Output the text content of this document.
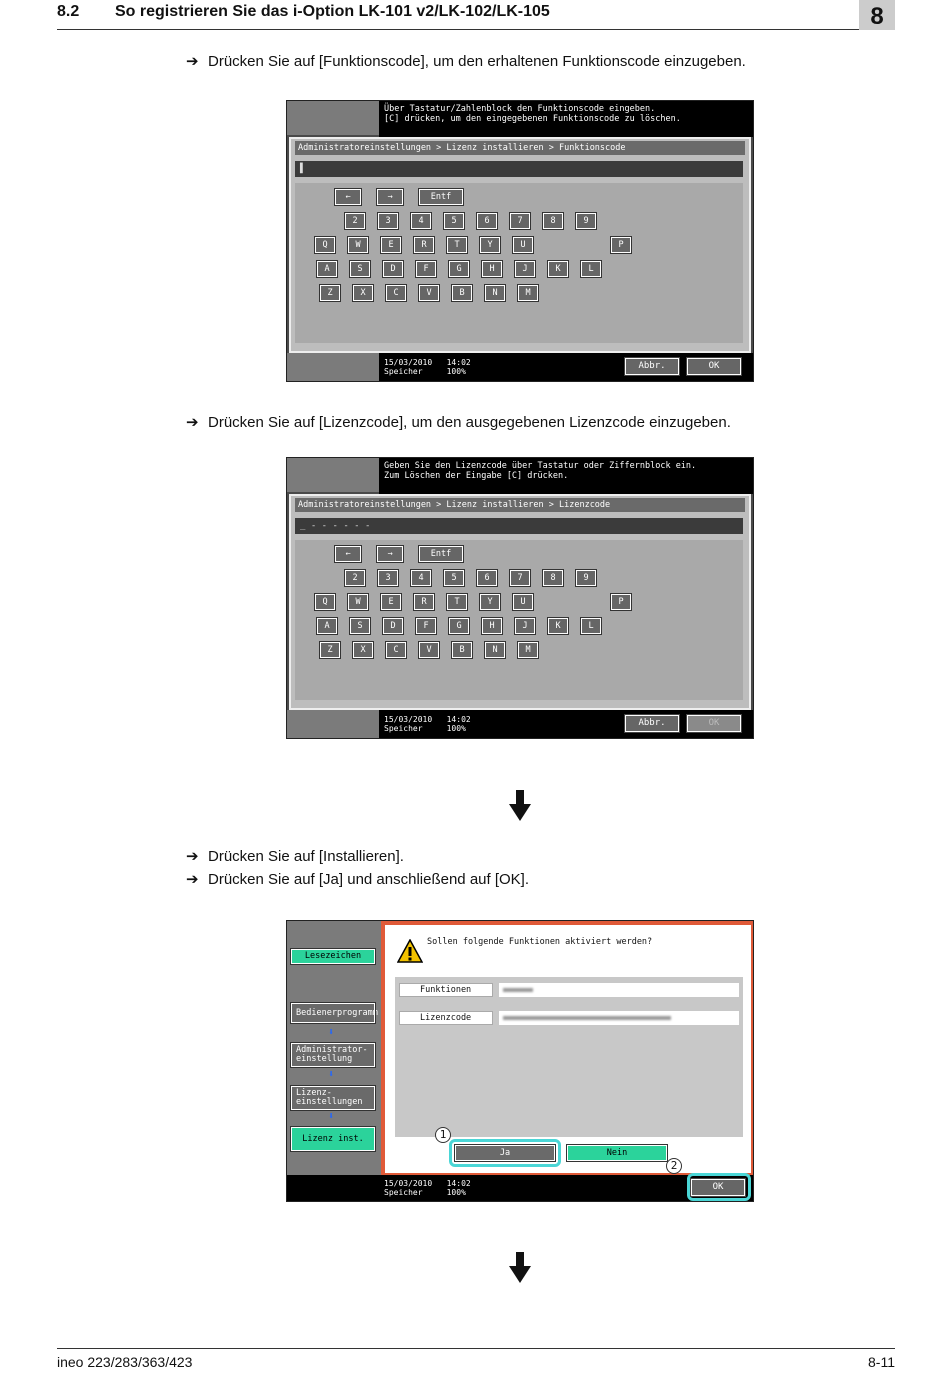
8.2 So registrieren Sie das i-Option LK-101 v2/LK-102/LK-105	8
➔ Drücken Sie auf [Funktionscode], um den erhaltenen Funktionscode einzugeben.
Über Tastatur/Zahlenblock den Funktionscode eingeben.
[C] drücken, um den eingegebenen Funktionscode zu löschen.
Administratoreinstellungen > Lizenz installieren > Funktionscode
▌
←	→	Entf
2	3	4	5	6	7	8	9
Q	W	E	R	T	Y	U	P
A	S	D	F	G	H	J	K	L
Z	X	C	V	B	N	M
15/03/2010   14:02
Speicher     100%
Abbr.	OK
➔ Drücken Sie auf [Lizenzcode], um den ausgegebenen Lizenzcode einzugeben.
Geben Sie den Lizenzcode über Tastatur oder Ziffernblock ein.
Zum Löschen der Eingabe [C] drücken.
Administratoreinstellungen > Lizenz installieren > Lizenzcode
_ - - - - - -
←	→	Entf
2	3	4	5	6	7	8	9
Q	W	E	R	T	Y	U	P
A	S	D	F	G	H	J	K	L
Z	X	C	V	B	N	M
15/03/2010   14:02
Speicher     100%
Abbr.	OK
➔ Drücken Sie auf [Installieren].
➔ Drücken Sie auf [Ja] und anschließend auf [OK].
Lesezeichen
Bedienerprogramm
⬇
Administrator-
einstellung
⬇
Lizenz-
einstellungen
⬇
Lizenz inst.
Sollen folgende Funktionen aktiviert werden?
Funktionen
Lizenzcode
Ja	Nein
1
2
15/03/2010   14:02
Speicher     100%
OK
ineo 223/283/363/423	8-11
